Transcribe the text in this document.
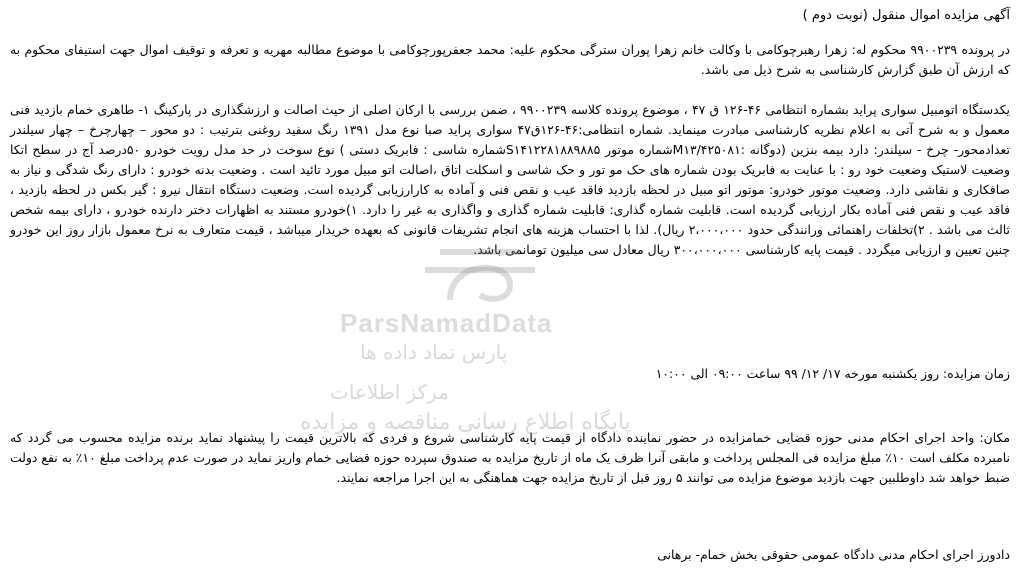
آگهی مزایده اموال منقول (نوبت دوم )

در پرونده ۹۹۰۰۲۳۹ محکوم له: زهرا رهبرچوکامی با وکالت خانم زهرا پوران سترگی محکوم علیه: محمد جعفرپورچوکامی با موضوع مطالبه مهریه و تعرفه و توقیف اموال جهت استیفای محکوم به که ارزش آن طبق گزارش کارشناسی به شرح ذیل می باشد.

یکدستگاه اتومبیل سواری پراید بشماره انتظامی ۴۶-۱۲۶ ق ۴۷ ، موضوع پرونده کلاسه ۹۹۰۰۲۳۹ ، ضمن بررسی با ارکان اصلی از حیث اصالت و ارزشگذاری در پارکینگ ۱- طاهری خمام بازدید فنی معمول و به شرح آتی به اعلام نظریه کارشناسی مبادرت مینماید. شماره انتظامی:۴۶-۱۲۶ق۴۷ سواری پراید صبا نوع مدل ۱۳۹۱ رنگ سفید روغنی بترتیب : دو محور – چهارچرخ – چهار سیلندر تعدادمحور- چرخ - سیلندر: دارد بیمه بنزین (دوگانه :M۱۳/۴۲۵۰۸۱شماره موتور S۱۴۱۲۲۸۱۸۸۹۸۸۵شماره شاسی : فابریک دستی ) نوع سوخت در حد مدل رویت خودرو ۵۰درصد آج در سطح اتکا وضعیت لاستیک وضعیت خود رو : با عنایت به فابریک بودن شماره های حک مو تور و حک شاسی و اسکلت اتاق ،اصالت اتو مبیل مورد تائید است . وضعیت بدنه خودرو : دارای رنگ شدگی و نیاز به صافکاری و نقاشی دارد. وضعیت موتور خودرو: موتور اتو مبیل در لحظه بازدید فاقد عیب و نقص فنی و آماده به کارارزیابی گردیده است. وضعیت دستگاه انتقال نیرو : گیر بکس در لحظه بازدید ، فاقد عیب و نقص فنی آماده بکار ارزیابی گردیده است. قابلیت شماره گذاری: قابلیت شماره گذاری و واگذاری به غیر را دارد. ۱)خودرو مستند به اظهارات دختر دارنده خودرو ، دارای بیمه شخص ثالث می باشد . ۲)تخلفات راهنمائی ورانندگی حدود ۲،۰۰۰،۰۰۰ ریال). لذا با احتساب هزینه های انجام تشریفات قانونی که بعهده خریدار میباشد ، قیمت متعارف به نرخ معمول بازار روز این خودرو چنین تعیین و ارزیابی میگردد . قیمت پایه کارشناسی ۳۰۰،۰۰۰،۰۰۰ ریال معادل سی میلیون تومانمی باشد.

زمان مزایده: روز یکشنبه مورخه ۱۷/ ۱۲/ ۹۹ ساعت ۰۹:۰۰ الی ۱۰:۰۰

مکان: واحد اجرای احکام مدنی حوزه قضایی خمامزایده در حضور نماینده دادگاه از قیمت پایه کارشناسی شروع و فردی که بالاترین قیمت را پیشنهاد نماید برنده مزایده محسوب می گردد که نامبرده مکلف است ۱۰٪ مبلغ مزایده فی المجلس پرداخت و مابقی آنرا ظرف یک ماه از تاریخ مزایده به صندوق سپرده حوزه قضایی خمام واریز نماید در صورت عدم پرداخت مبلغ ۱۰٪ به نفع دولت ضبط خواهد شد داوطلبین جهت بازدید موضوع مزایده می توانند ۵ روز قبل از تاریخ مزایده جهت هماهنگی به این اجرا مراجعه نمایند.

دادورز اجرای احکام مدنی دادگاه عمومی حقوقی بخش خمام- برهانی

ParsNamadData
پارس نماد داده ها
مرکز اطلاعات
پایگاه اطلاع رسانی مناقصه و مزایده
